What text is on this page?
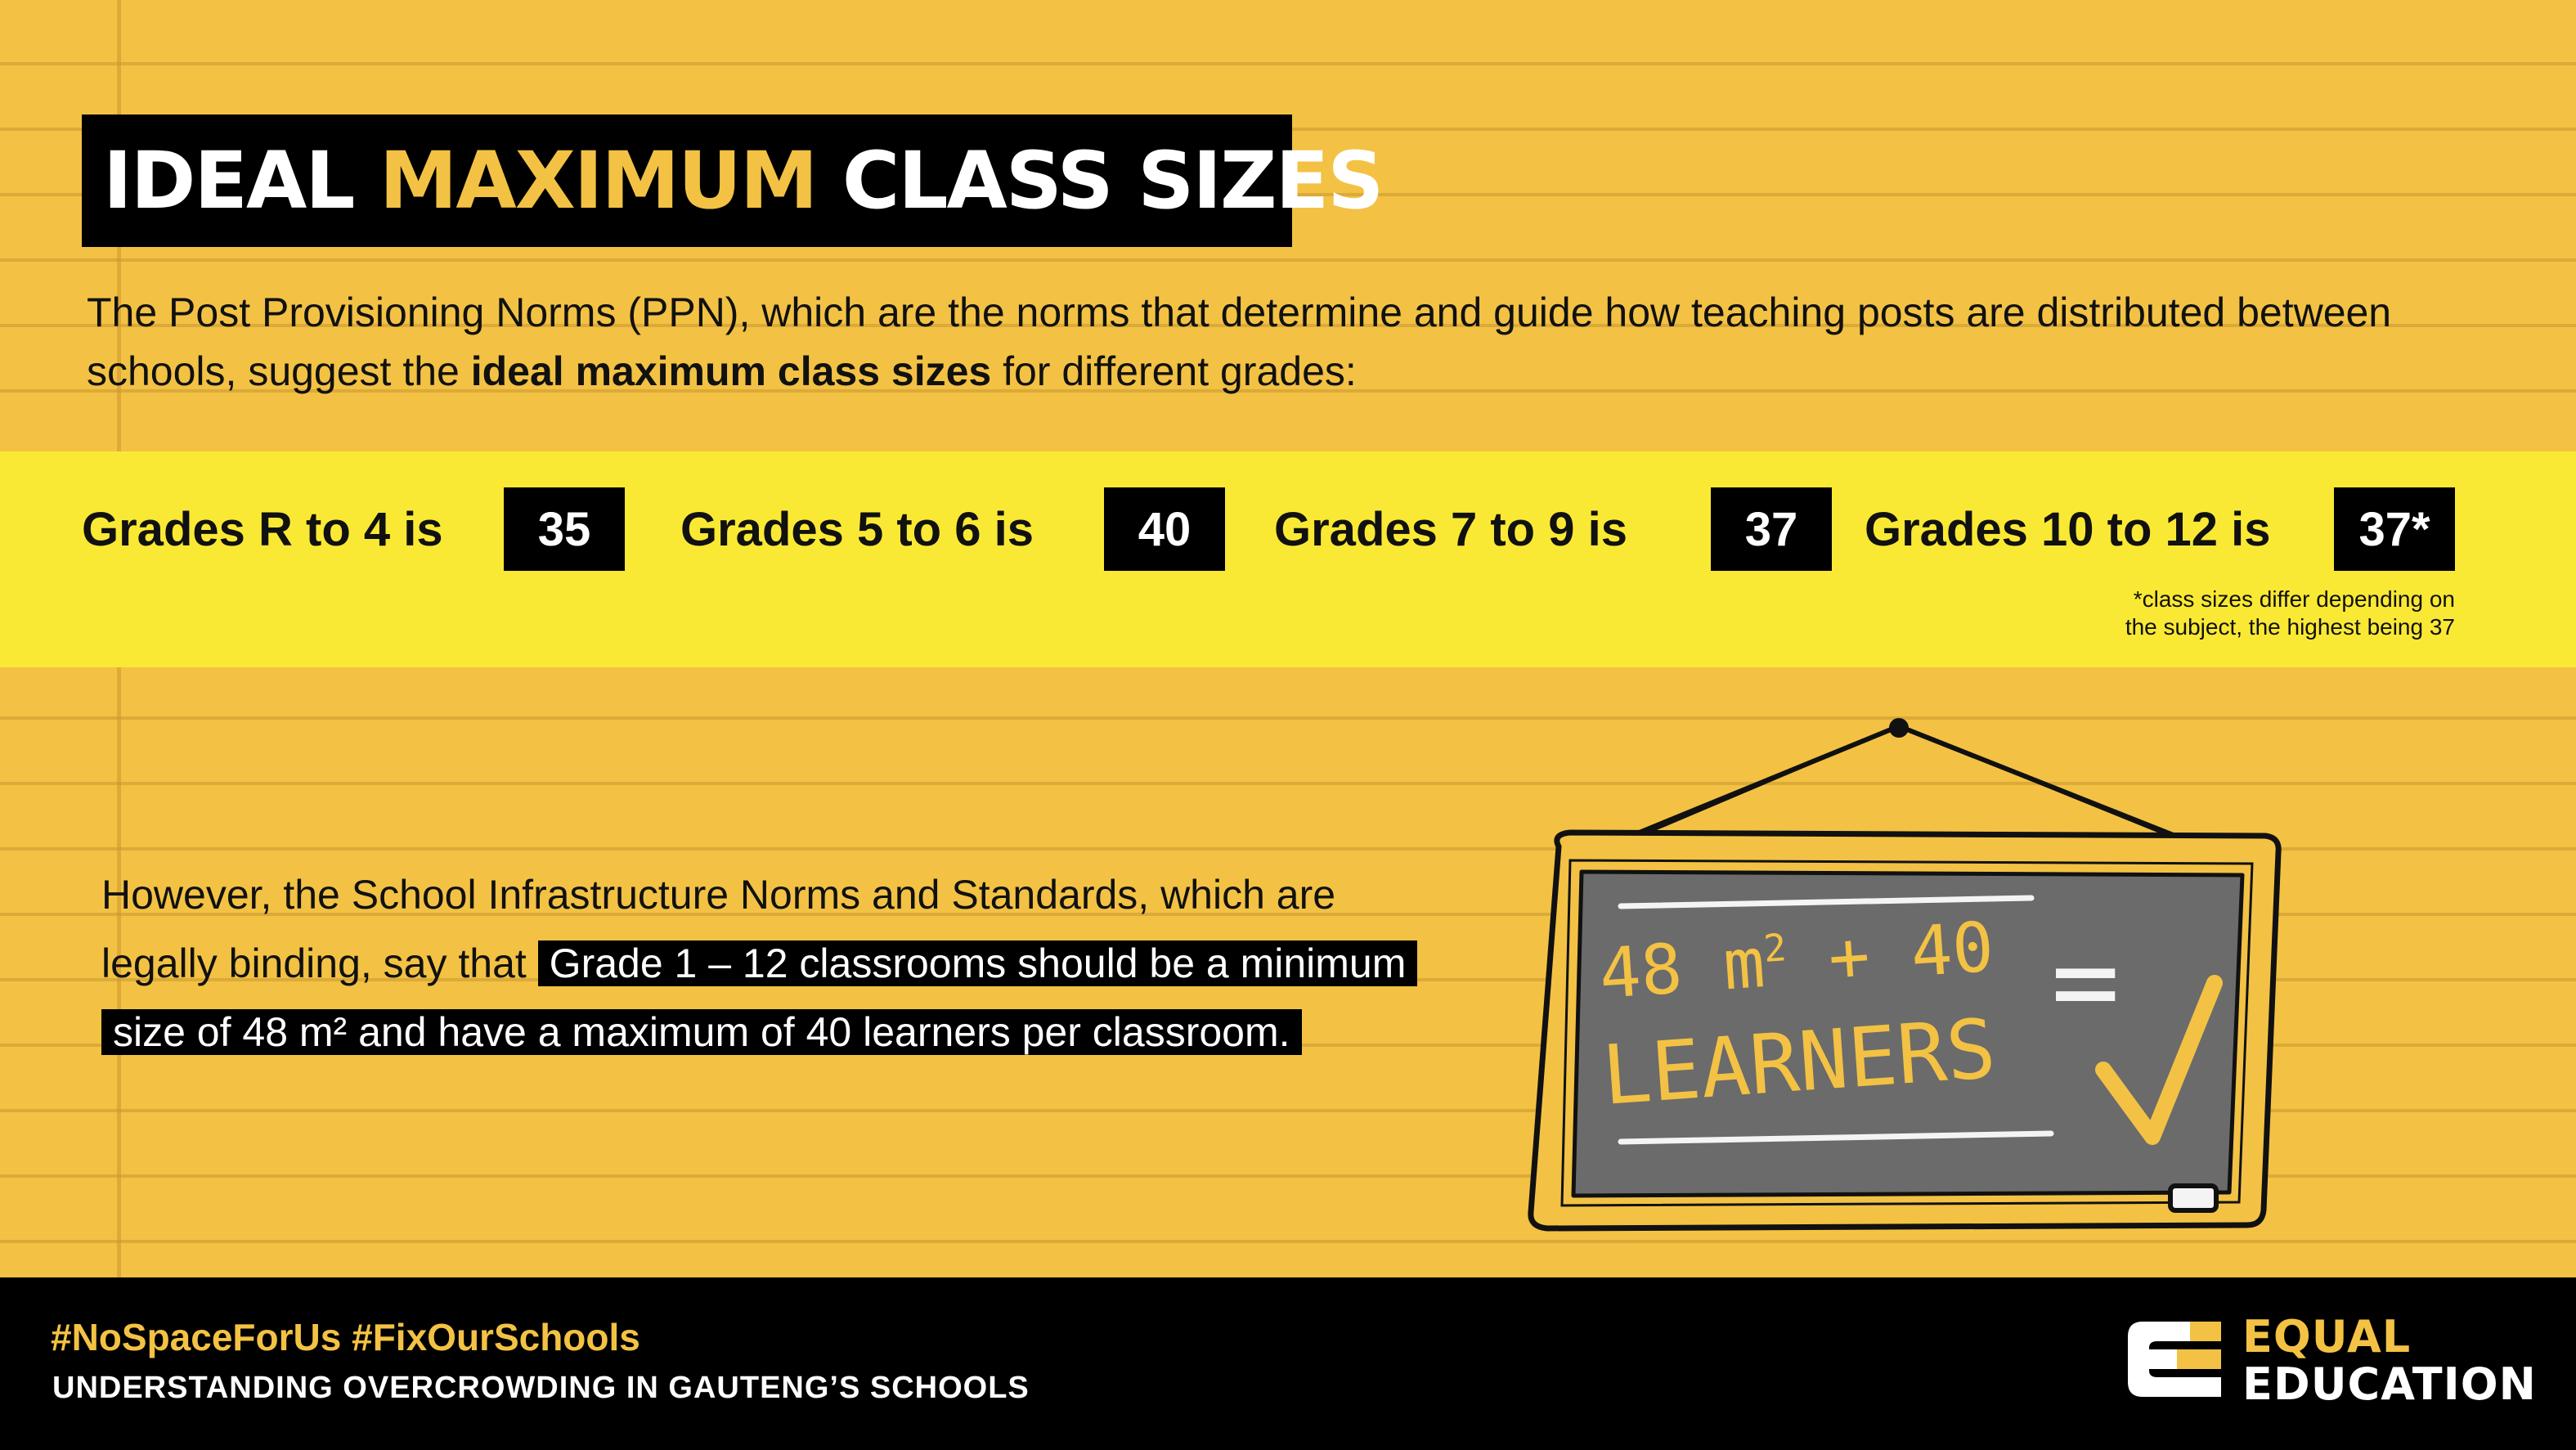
IDEAL MAXIMUM CLASS SIZES
The Post Provisioning Norms (PPN), which are the norms that determine and guide how teaching posts are distributed between schools, suggest the ideal maximum class sizes for different grades:
Grades R to 4 is	35	Grades 5 to 6 is	40	Grades 7 to 9 is	37	Grades 10 to 12 is	37*
*class sizes differ depending on
the subject, the highest being 37
However, the School Infrastructure Norms and Standards, which are legally binding, say that Grade 1 – 12 classrooms should be a minimum size of 48 m² and have a maximum of 40 learners per classroom.
48 $m^2 + 40$
LEARNERS
=
#NoSpaceForUs #FixOurSchools
UNDERSTANDING OVERCROWDING IN GAUTENG’S SCHOOLS
EQUAL
EDUCATION
